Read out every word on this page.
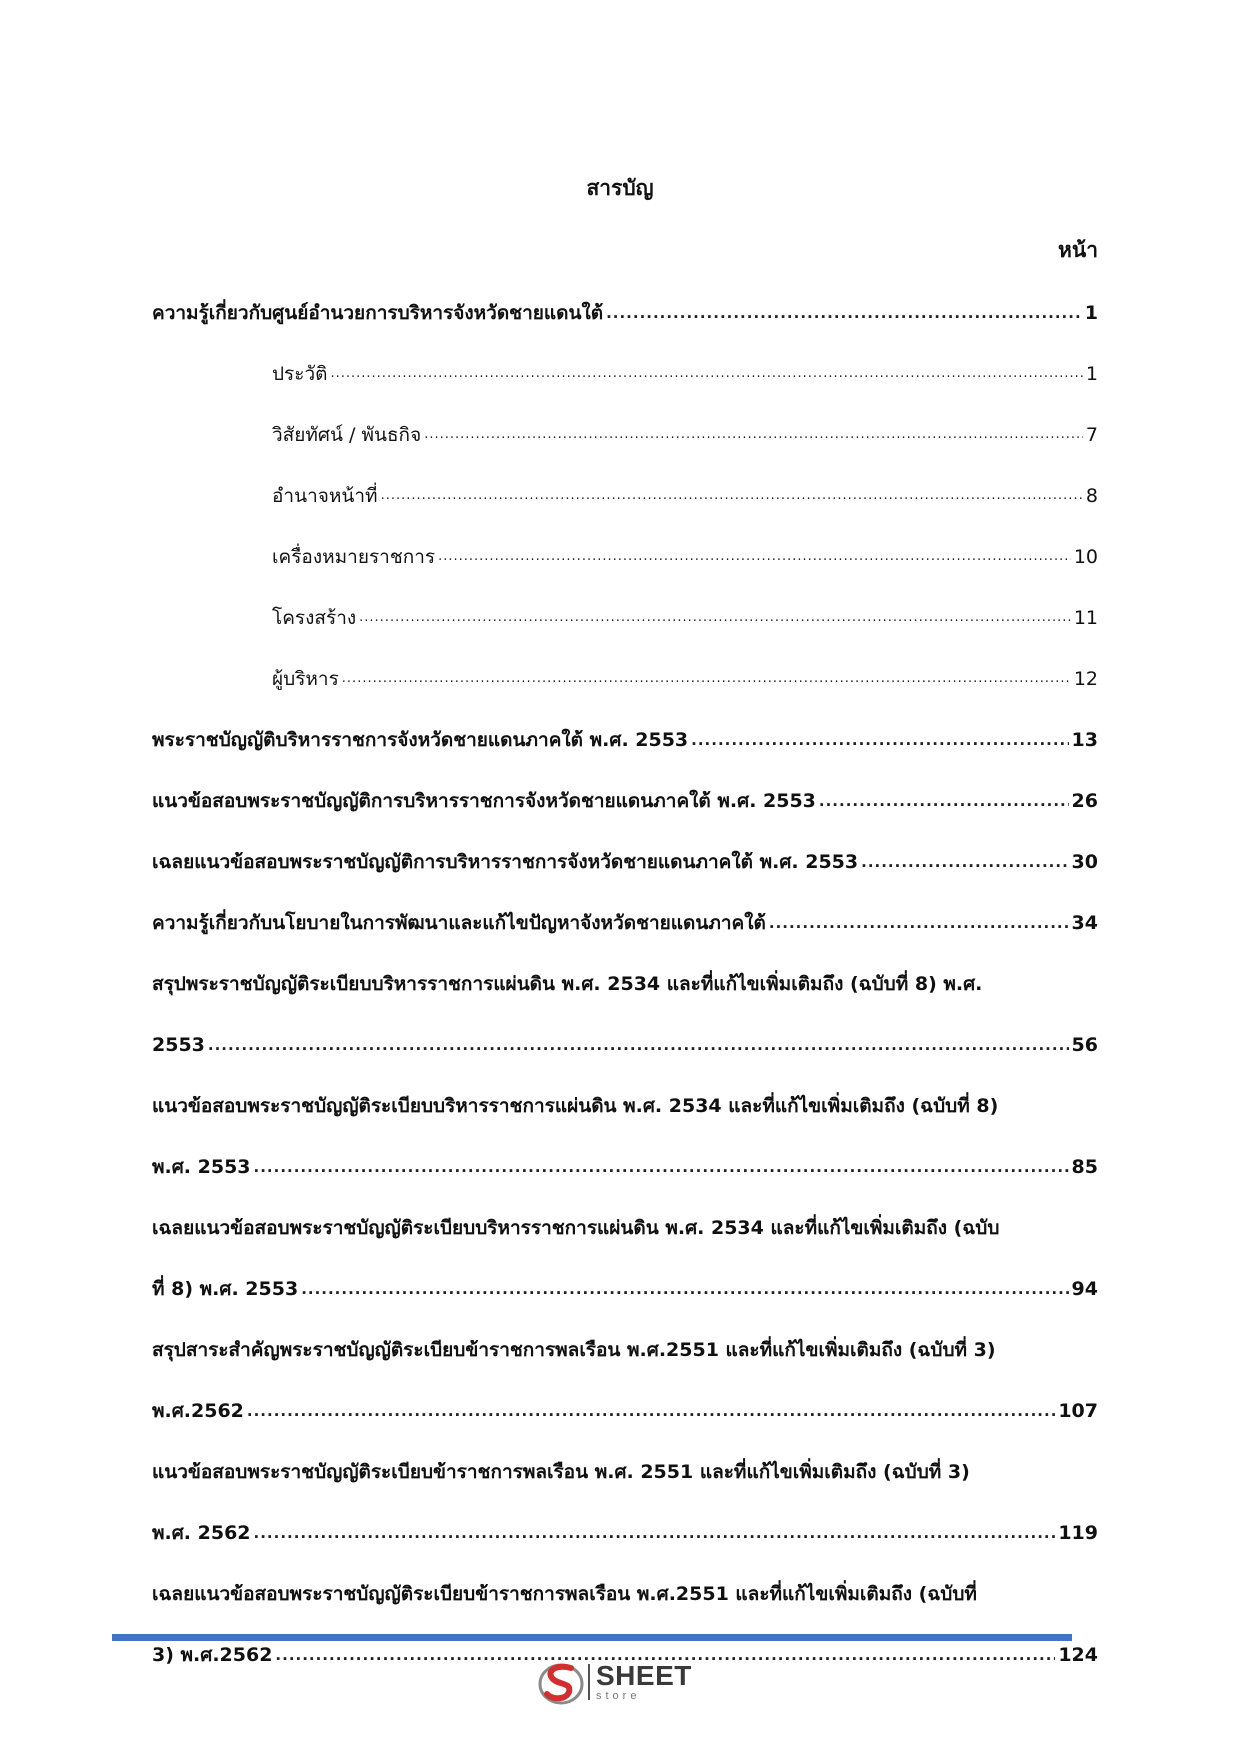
สารบัญ
หน้า
ความรู้เกี่ยวกับศูนย์อำนวยการบริหารจังหวัดชายแดนใต้ .....	1
ประวัติ .....	1
วิสัยทัศน์ / พันธกิจ .....	7
อำนาจหน้าที่ .....	8
เครื่องหมายราชการ .....	10
โครงสร้าง .....	11
ผู้บริหาร .....	12
พระราชบัญญัติบริหารราชการจังหวัดชายแดนภาคใต้ พ.ศ. 2553 .....	13
แนวข้อสอบพระราชบัญญัติการบริหารราชการจังหวัดชายแดนภาคใต้ พ.ศ. 2553 .....	26
เฉลยแนวข้อสอบพระราชบัญญัติการบริหารราชการจังหวัดชายแดนภาคใต้ พ.ศ. 2553 .....	30
ความรู้เกี่ยวกับนโยบายในการพัฒนาและแก้ไขปัญหาจังหวัดชายแดนภาคใต้ .....	34
สรุปพระราชบัญญัติระเบียบบริหารราชการแผ่นดิน พ.ศ. 2534 และที่แก้ไขเพิ่มเติมถึง (ฉบับที่ 8) พ.ศ.
2553 .....	56
แนวข้อสอบพระราชบัญญัติระเบียบบริหารราชการแผ่นดิน พ.ศ. 2534 และที่แก้ไขเพิ่มเติมถึง (ฉบับที่ 8)
พ.ศ. 2553 .....	85
เฉลยแนวข้อสอบพระราชบัญญัติระเบียบบริหารราชการแผ่นดิน พ.ศ. 2534 และที่แก้ไขเพิ่มเติมถึง (ฉบับ
ที่ 8) พ.ศ. 2553 .....	94
สรุปสาระสำคัญพระราชบัญญัติระเบียบข้าราชการพลเรือน พ.ศ.2551 และที่แก้ไขเพิ่มเติมถึง (ฉบับที่ 3)
พ.ศ.2562 .....	107
แนวข้อสอบพระราชบัญญัติระเบียบข้าราชการพลเรือน พ.ศ. 2551 และที่แก้ไขเพิ่มเติมถึง (ฉบับที่ 3)
พ.ศ. 2562 .....	119
เฉลยแนวข้อสอบพระราชบัญญัติระเบียบข้าราชการพลเรือน พ.ศ.2551 และที่แก้ไขเพิ่มเติมถึง (ฉบับที่
3) พ.ศ.2562 .....	124
SHEET
store
